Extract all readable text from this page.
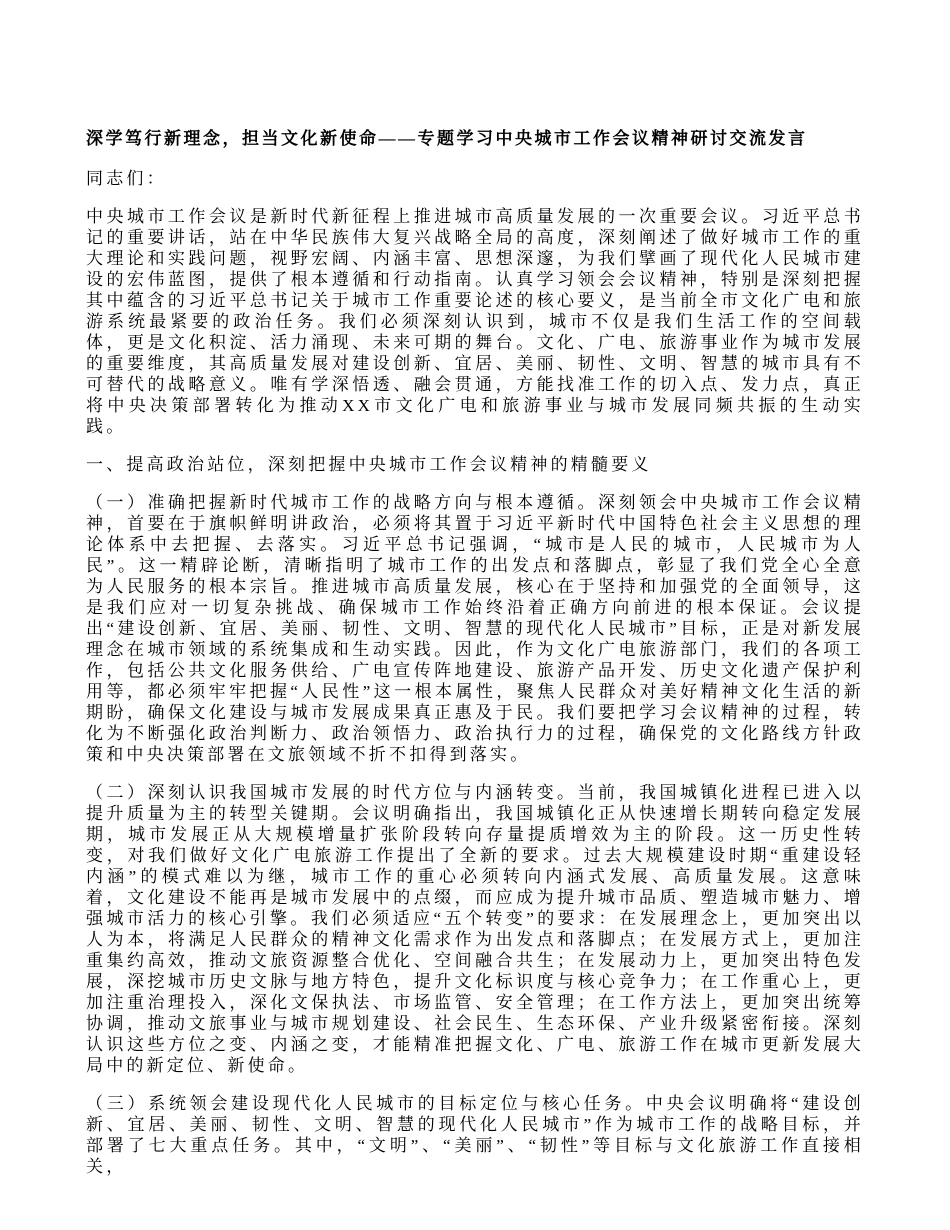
深学笃行新理念，担当文化新使命——专题学习中央城市工作会议精神研讨交流发言

同志们：

中央城市工作会议是新时代新征程上推进城市高质量发展的一次重要会议。习近平总书记的重要讲话，站在中华民族伟大复兴战略全局的高度，深刻阐述了做好城市工作的重大理论和实践问题，视野宏阔、内涵丰富、思想深邃，为我们擘画了现代化人民城市建设的宏伟蓝图，提供了根本遵循和行动指南。认真学习领会会议精神，特别是深刻把握其中蕴含的习近平总书记关于城市工作重要论述的核心要义，是当前全市文化广电和旅游系统最紧要的政治任务。我们必须深刻认识到，城市不仅是我们生活工作的空间载体，更是文化积淀、活力涌现、未来可期的舞台。文化、广电、旅游事业作为城市发展的重要维度，其高质量发展对建设创新、宜居、美丽、韧性、文明、智慧的城市具有不可替代的战略意义。唯有学深悟透、融会贯通，方能找准工作的切入点、发力点，真正将中央决策部署转化为推动XX市文化广电和旅游事业与城市发展同频共振的生动实践。

一、提高政治站位，深刻把握中央城市工作会议精神的精髓要义

（一）准确把握新时代城市工作的战略方向与根本遵循。深刻领会中央城市工作会议精神，首要在于旗帜鲜明讲政治，必须将其置于习近平新时代中国特色社会主义思想的理论体系中去把握、去落实。习近平总书记强调，“城市是人民的城市，人民城市为人民”。这一精辟论断，清晰指明了城市工作的出发点和落脚点，彰显了我们党全心全意为人民服务的根本宗旨。推进城市高质量发展，核心在于坚持和加强党的全面领导，这是我们应对一切复杂挑战、确保城市工作始终沿着正确方向前进的根本保证。会议提出“建设创新、宜居、美丽、韧性、文明、智慧的现代化人民城市”目标，正是对新发展理念在城市领域的系统集成和生动实践。因此，作为文化广电旅游部门，我们的各项工作，包括公共文化服务供给、广电宣传阵地建设、旅游产品开发、历史文化遗产保护利用等，都必须牢牢把握“人民性”这一根本属性，聚焦人民群众对美好精神文化生活的新期盼，确保文化建设与城市发展成果真正惠及于民。我们要把学习会议精神的过程，转化为不断强化政治判断力、政治领悟力、政治执行力的过程，确保党的文化路线方针政策和中央决策部署在文旅领域不折不扣得到落实。

（二）深刻认识我国城市发展的时代方位与内涵转变。当前，我国城镇化进程已进入以提升质量为主的转型关键期。会议明确指出，我国城镇化正从快速增长期转向稳定发展期，城市发展正从大规模增量扩张阶段转向存量提质增效为主的阶段。这一历史性转变，对我们做好文化广电旅游工作提出了全新的要求。过去大规模建设时期“重建设轻内涵”的模式难以为继，城市工作的重心必须转向内涵式发展、高质量发展。这意味着，文化建设不能再是城市发展中的点缀，而应成为提升城市品质、塑造城市魅力、增强城市活力的核心引擎。我们必须适应“五个转变”的要求：在发展理念上，更加突出以人为本，将满足人民群众的精神文化需求作为出发点和落脚点；在发展方式上，更加注重集约高效，推动文旅资源整合优化、空间融合共生；在发展动力上，更加突出特色发展，深挖城市历史文脉与地方特色，提升文化标识度与核心竞争力；在工作重心上，更加注重治理投入，深化文保执法、市场监管、安全管理；在工作方法上，更加突出统筹协调，推动文旅事业与城市规划建设、社会民生、生态环保、产业升级紧密衔接。深刻认识这些方位之变、内涵之变，才能精准把握文化、广电、旅游工作在城市更新发展大局中的新定位、新使命。

（三）系统领会建设现代化人民城市的目标定位与核心任务。中央会议明确将“建设创新、宜居、美丽、韧性、文明、智慧的现代化人民城市”作为城市工作的战略目标，并部署了七大重点任务。其中，“文明”、“美丽”、“韧性”等目标与文化旅游工作直接相关，
